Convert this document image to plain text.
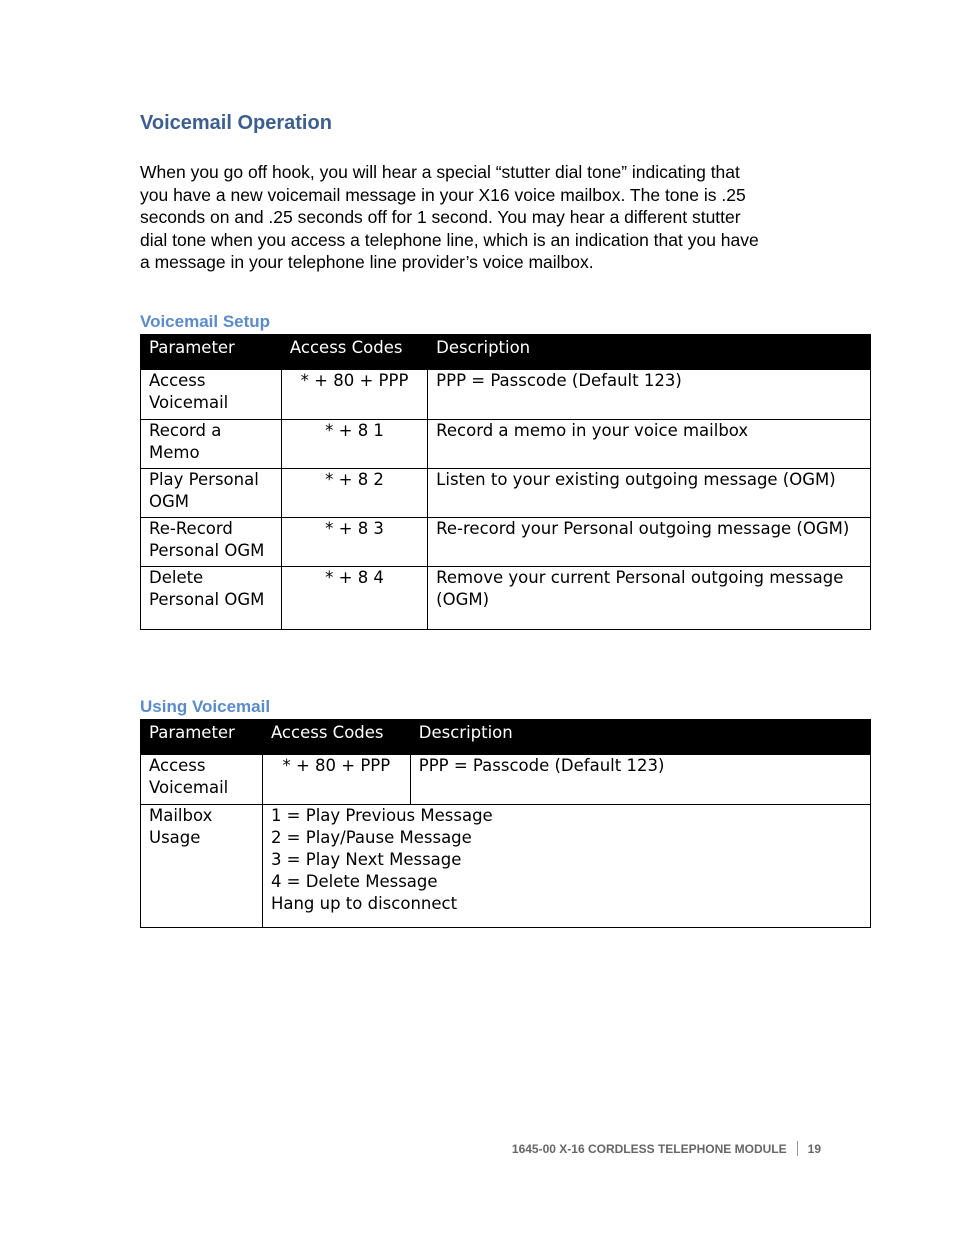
Voicemail Operation

When you go off hook, you will hear a special “stutter dial tone” indicating that
you have a new voicemail message in your X16 voice mailbox. The tone is .25
seconds on and .25 seconds off for 1 second. You may hear a different stutter
dial tone when you access a telephone line, which is an indication that you have
a message in your telephone line provider’s voice mailbox.

Voicemail Setup
Parameter	Access Codes	Description

Access
Voicemail	* + 80 + PPP	PPP = Passcode (Default 123)

Record a
Memo	* + 8 1	Record a memo in your voice mailbox

Play Personal
OGM	* + 8 2	Listen to your existing outgoing message (OGM)

Re-Record
Personal OGM	* + 8 3	Re-record your Personal outgoing message (OGM)

Delete
Personal OGM	* + 8 4	Remove your current Personal outgoing message
(OGM)
Using Voicemail
Parameter	Access Codes	Description

Access
Voicemail	* + 80 + PPP	PPP = Passcode (Default 123)

Mailbox
Usage	1 = Play Previous Message
2 = Play/Pause Message
3 = Play Next Message
4 = Delete Message
Hang up to disconnect	
1645-00 X-16 CORDLESS TELEPHONE MODULE 19
